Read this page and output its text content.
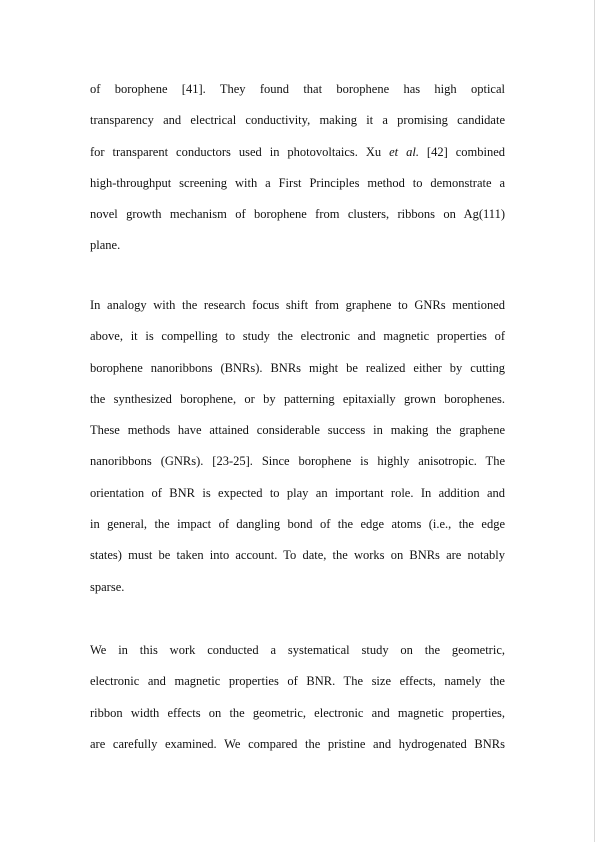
of borophene [41]. They found that borophene has high optical
transparency and electrical conductivity, making it a promising candidate
for transparent conductors used in photovoltaics. Xu et al. [42] combined
high-throughput screening with a First Principles method to demonstrate a
novel growth mechanism of borophene from clusters, ribbons on Ag(111)
plane.
In analogy with the research focus shift from graphene to GNRs mentioned
above, it is compelling to study the electronic and magnetic properties of
borophene nanoribbons (BNRs). BNRs might be realized either by cutting
the synthesized borophene, or by patterning epitaxially grown borophenes.
These methods have attained considerable success in making the graphene
nanoribbons (GNRs). [23-25]. Since borophene is highly anisotropic. The
orientation of BNR is expected to play an important role. In addition and
in general, the impact of dangling bond of the edge atoms (i.e., the edge
states) must be taken into account. To date, the works on BNRs are notably
sparse.
We in this work conducted a systematical study on the geometric,
electronic and magnetic properties of BNR. The size effects, namely the
ribbon width effects on the geometric, electronic and magnetic properties,
are carefully examined. We compared the pristine and hydrogenated BNRs
